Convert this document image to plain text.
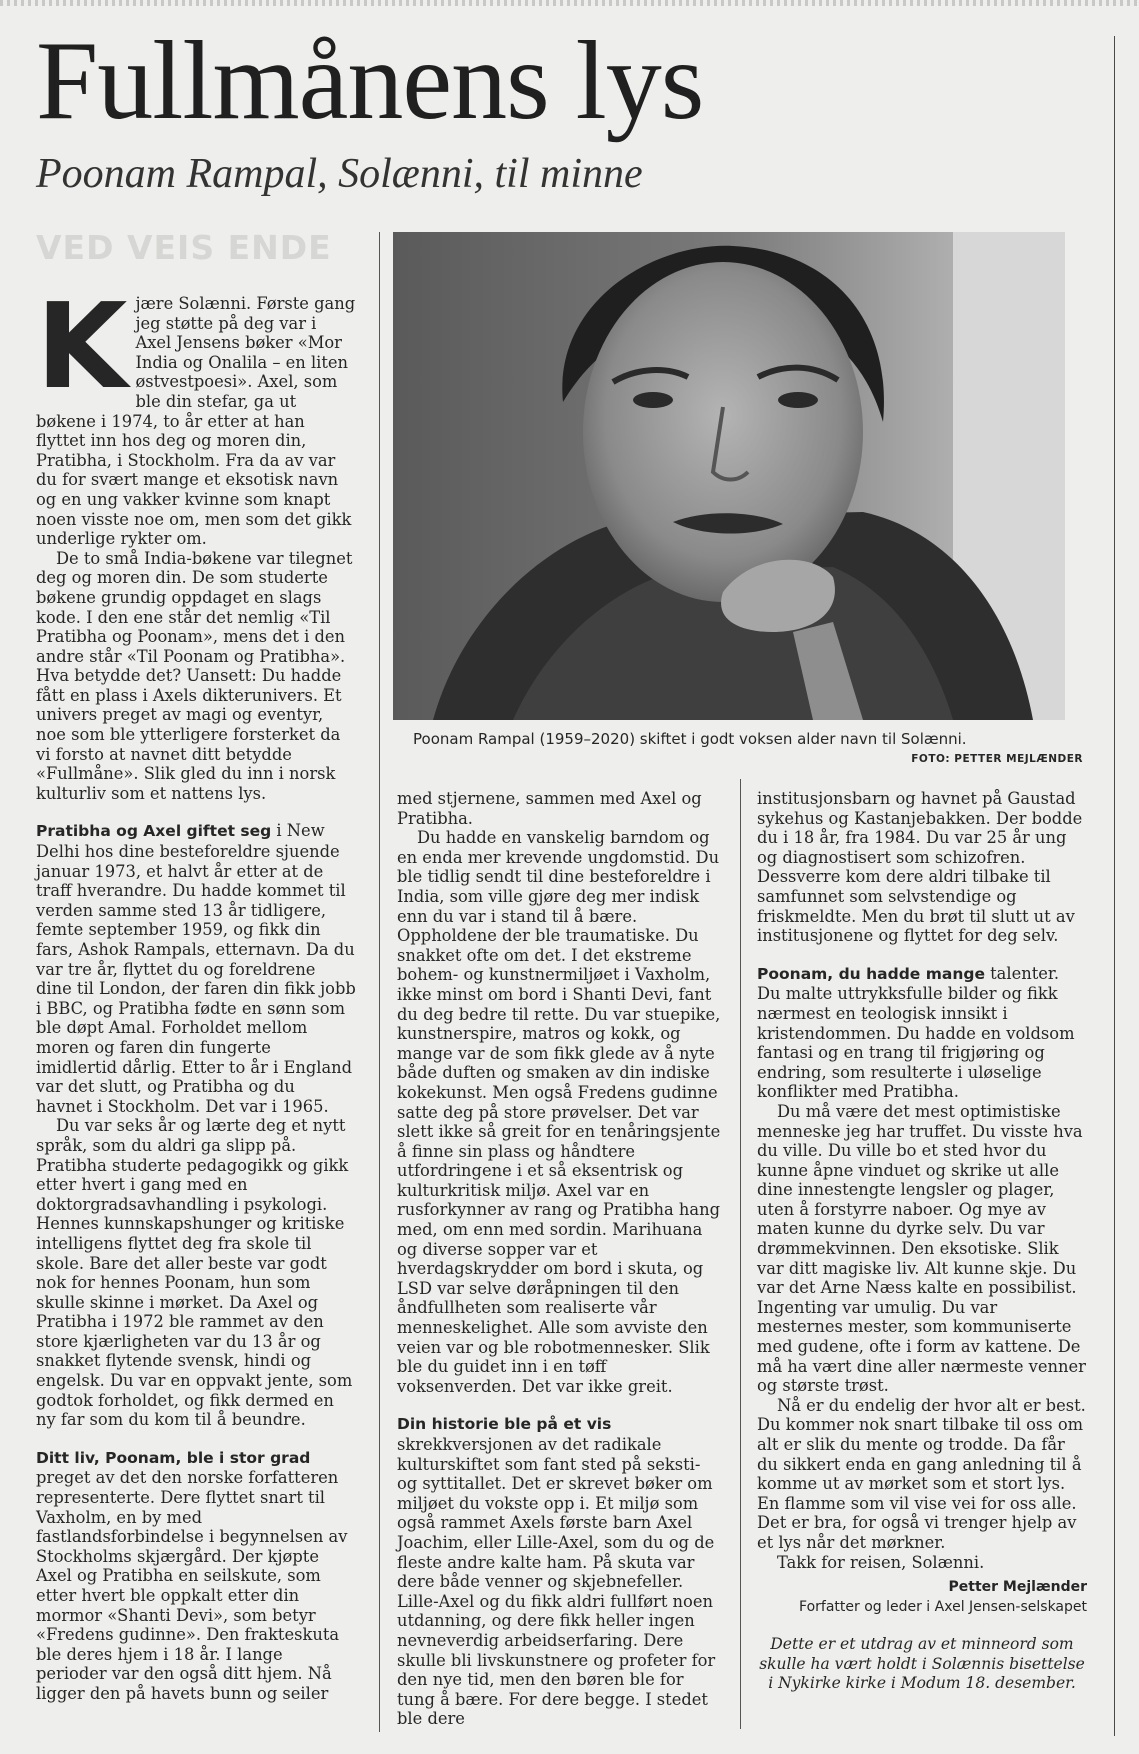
Fullmånens lys
Poonam Rampal, Solænni, til minne
VED VEIS ENDE

Kjære Solænni. Første gang jeg støtte på deg var i Axel Jensens bøker «Mor India og Onalila – en liten østvestpoesi». Axel, som ble din stefar, ga ut bøkene i 1974, to år etter at han flyttet inn hos deg og moren din, Pratibha, i Stockholm. Fra da av var du for svært mange et eksotisk navn og en ung vakker kvinne som knapt noen visste noe om, men som det gikk underlige rykter om.

De to små India-bøkene var tilegnet deg og moren din. De som studerte bøkene grundig oppdaget en slags kode. I den ene står det nemlig «Til Pratibha og Poonam», mens det i den andre står «Til Poonam og Pratibha». Hva betydde det? Uansett: Du hadde fått en plass i Axels dikterunivers. Et univers preget av magi og eventyr, noe som ble ytterligere forsterket da vi forsto at navnet ditt betydde «Fullmåne». Slik gled du inn i norsk kulturliv som et nattens lys.

Pratibha og Axel giftet seg i New Delhi hos dine besteforeldre sjuende januar 1973, et halvt år etter at de traff hverandre. Du hadde kommet til verden samme sted 13 år tidligere, femte september 1959, og fikk din fars, Ashok Rampals, etternavn. Da du var tre år, flyttet du og foreldrene dine til London, der faren din fikk jobb i BBC, og Pratibha fødte en sønn som ble døpt Amal. Forholdet mellom moren og faren din fungerte imidlertid dårlig. Etter to år i England var det slutt, og Pratibha og du havnet i Stockholm. Det var i 1965.

Du var seks år og lærte deg et nytt språk, som du aldri ga slipp på. Pratibha studerte pedagogikk og gikk etter hvert i gang med en doktorgradsavhandling i psykologi. Hennes kunnskapshunger og kritiske intelligens flyttet deg fra skole til skole. Bare det aller beste var godt nok for hennes Poonam, hun som skulle skinne i mørket. Da Axel og Pratibha i 1972 ble rammet av den store kjærligheten var du 13 år og snakket flytende svensk, hindi og engelsk. Du var en oppvakt jente, som godtok forholdet, og fikk dermed en ny far som du kom til å beundre.

Ditt liv, Poonam, ble i stor grad preget av det den norske forfatteren representerte. Dere flyttet snart til Vaxholm, en by med fastlandsforbindelse i begynnelsen av Stockholms skjærgård. Der kjøpte Axel og Pratibha en seilskute, som etter hvert ble oppkalt etter din mormor «Shanti Devi», som betyr «Fredens gudinne». Den frakteskuta ble deres hjem i 18 år. I lange perioder var den også ditt hjem. Nå ligger den på havets bunn og seiler

Poonam Rampal (1959–2020) skiftet i godt voksen alder navn til Solænni.
FOTO: PETTER MEJLÆNDER

med stjernene, sammen med Axel og Pratibha.

Du hadde en vanskelig barndom og en enda mer krevende ungdomstid. Du ble tidlig sendt til dine besteforeldre i India, som ville gjøre deg mer indisk enn du var i stand til å bære. Oppholdene der ble traumatiske. Du snakket ofte om det. I det ekstreme bohem- og kunstnermiljøet i Vaxholm, ikke minst om bord i Shanti Devi, fant du deg bedre til rette. Du var stuepike, kunstnerspire, matros og kokk, og mange var de som fikk glede av å nyte både duften og smaken av din indiske kokekunst. Men også Fredens gudinne satte deg på store prøvelser. Det var slett ikke så greit for en tenåringsjente å finne sin plass og håndtere utfordringene i et så eksentrisk og kulturkritisk miljø. Axel var en rusforkynner av rang og Pratibha hang med, om enn med sordin. Marihuana og diverse sopper var et hverdagskrydder om bord i skuta, og LSD var selve døråpningen til den åndfullheten som realiserte vår menneskelighet. Alle som avviste den veien var og ble robotmennesker. Slik ble du guidet inn i en tøff voksenverden. Det var ikke greit.

Din historie ble på et vis skrekkversjonen av det radikale kulturskiftet som fant sted på seksti- og syttitallet. Det er skrevet bøker om miljøet du vokste opp i. Et miljø som også rammet Axels første barn Axel Joachim, eller Lille-Axel, som du og de fleste andre kalte ham. På skuta var dere både venner og skjebnefeller. Lille-Axel og du fikk aldri fullført noen utdanning, og dere fikk heller ingen nevneverdig arbeidserfaring. Dere skulle bli livskunstnere og profeter for den nye tid, men den børen ble for tung å bære. For dere begge. I stedet ble dere

institusjonsbarn og havnet på Gaustad sykehus og Kastanjebakken. Der bodde du i 18 år, fra 1984. Du var 25 år ung og diagnostisert som schizofren. Dessverre kom dere aldri tilbake til samfunnet som selvstendige og friskmeldte. Men du brøt til slutt ut av institusjonene og flyttet for deg selv.

Poonam, du hadde mange talenter. Du malte uttrykksfulle bilder og fikk nærmest en teologisk innsikt i kristendommen. Du hadde en voldsom fantasi og en trang til frigjøring og endring, som resulterte i uløselige konflikter med Pratibha.

Du må være det mest optimistiske menneske jeg har truffet. Du visste hva du ville. Du ville bo et sted hvor du kunne åpne vinduet og skrike ut alle dine innestengte lengsler og plager, uten å forstyrre naboer. Og mye av maten kunne du dyrke selv. Du var drømmekvinnen. Den eksotiske. Slik var ditt magiske liv. Alt kunne skje. Du var det Arne Næss kalte en possibilist. Ingenting var umulig. Du var mesternes mester, som kommuniserte med gudene, ofte i form av kattene. De må ha vært dine aller nærmeste venner og største trøst.

Nå er du endelig der hvor alt er best. Du kommer nok snart tilbake til oss om alt er slik du mente og trodde. Da får du sikkert enda en gang anledning til å komme ut av mørket som et stort lys. En flamme som vil vise vei for oss alle. Det er bra, for også vi trenger hjelp av et lys når det mørkner.

Takk for reisen, Solænni.

Petter Mejlænder
Forfatter og leder i Axel Jensen-selskapet
Dette er et utdrag av et minneord som skulle ha vært holdt i Solænnis bisettelse i Nykirke kirke i Modum 18. desember.
